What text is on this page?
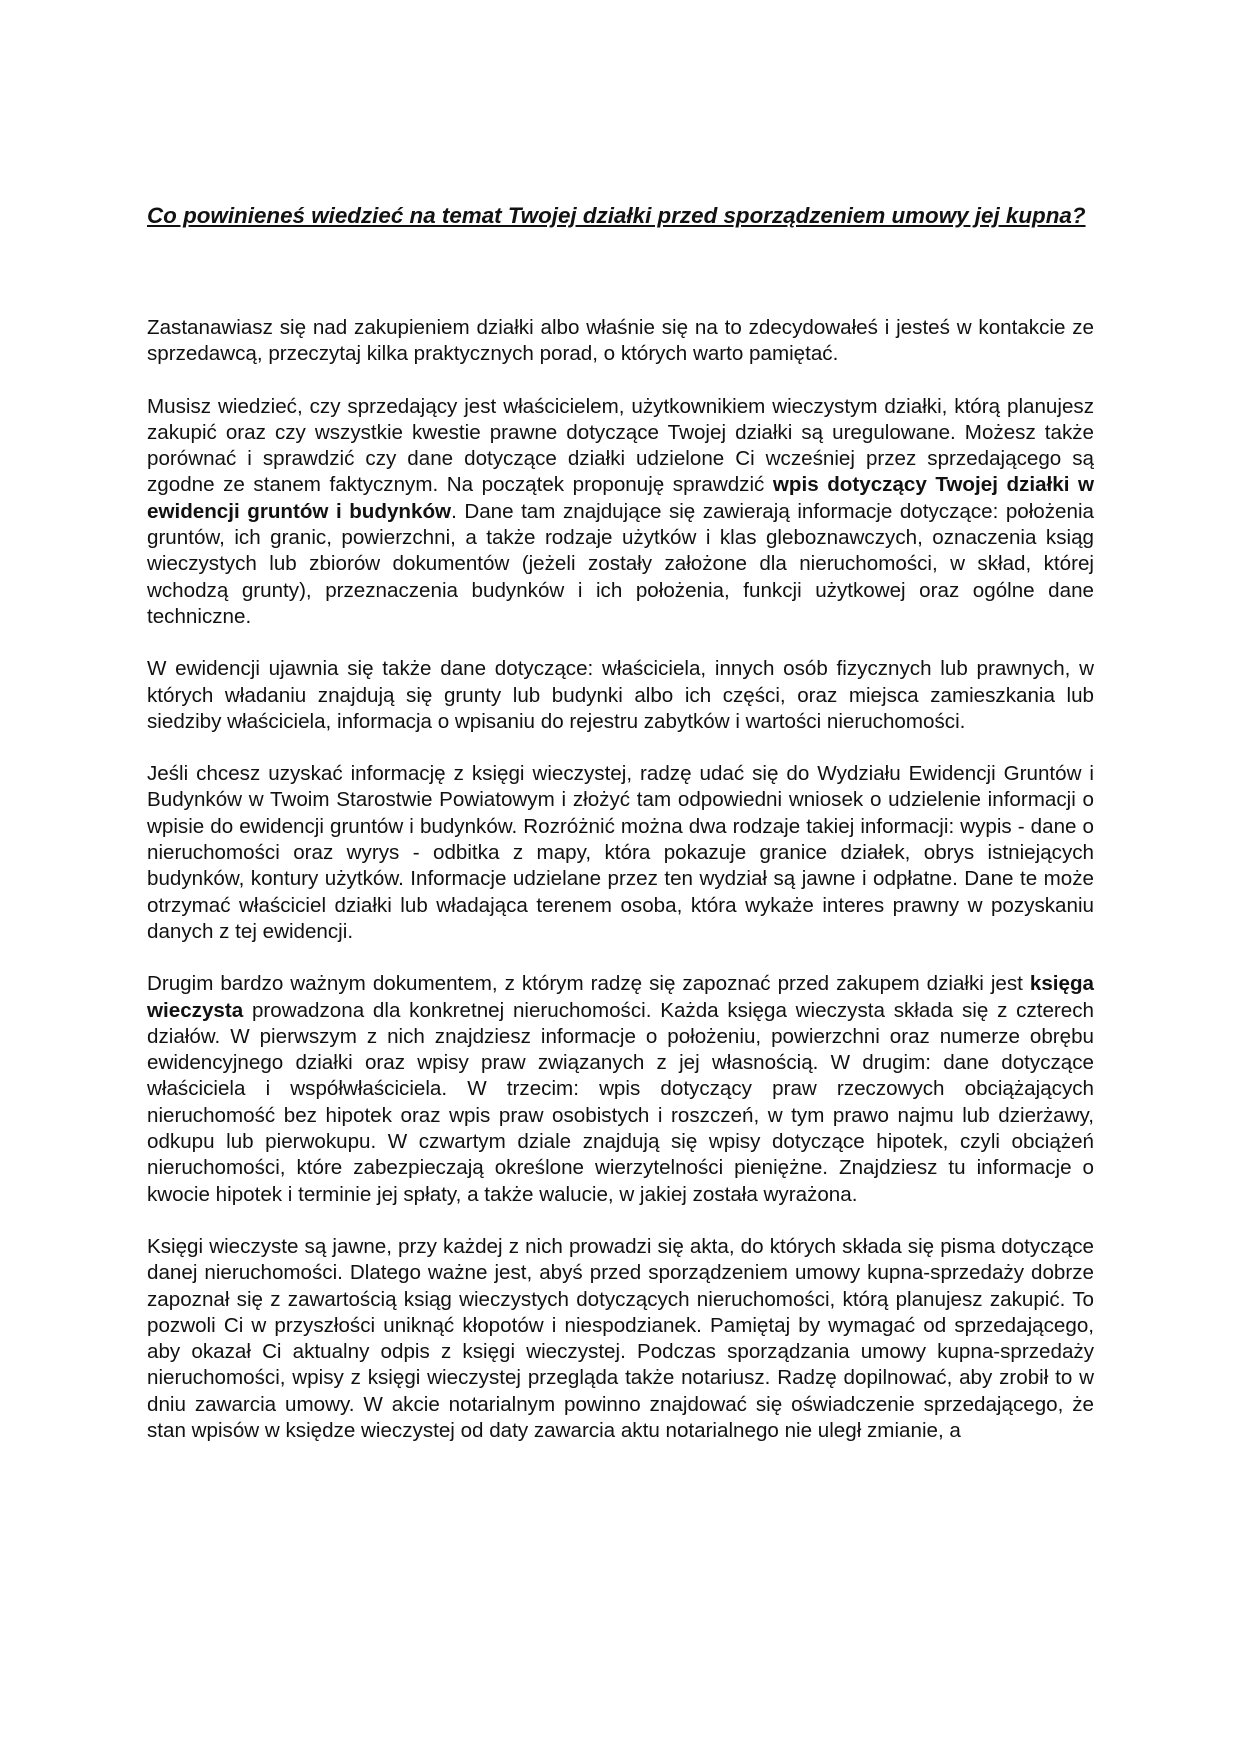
Co powinieneś wiedzieć na temat Twojej działki przed sporządzeniem umowy jej kupna?

Zastanawiasz się nad zakupieniem działki albo właśnie się na to zdecydowałeś i jesteś w kontakcie ze sprzedawcą, przeczytaj kilka praktycznych porad, o których warto pamiętać.

Musisz wiedzieć, czy sprzedający jest właścicielem, użytkownikiem wieczystym działki, którą planujesz zakupić oraz czy wszystkie kwestie prawne dotyczące Twojej działki są uregulowane. Możesz także porównać i sprawdzić czy dane dotyczące działki udzielone Ci wcześniej przez sprzedającego są zgodne ze stanem faktycznym. Na początek proponuję sprawdzić wpis dotyczący Twojej działki w ewidencji gruntów i budynków. Dane tam znajdujące się zawierają informacje dotyczące: położenia gruntów, ich granic, powierzchni, a także rodzaje użytków i klas gleboznawczych, oznaczenia ksiąg wieczystych lub zbiorów dokumentów (jeżeli zostały założone dla nieruchomości, w skład, której wchodzą grunty), przeznaczenia budynków i ich położenia, funkcji użytkowej oraz ogólne dane techniczne.

W ewidencji ujawnia się także dane dotyczące: właściciela, innych osób fizycznych lub prawnych, w których władaniu znajdują się grunty lub budynki albo ich części, oraz miejsca zamieszkania lub siedziby właściciela, informacja o wpisaniu do rejestru zabytków i wartości nieruchomości.

Jeśli chcesz uzyskać informację z księgi wieczystej, radzę udać się do Wydziału Ewidencji Gruntów i Budynków w Twoim Starostwie Powiatowym i złożyć tam odpowiedni wniosek o udzielenie informacji o wpisie do ewidencji gruntów i budynków. Rozróżnić można dwa rodzaje takiej informacji: wypis - dane o nieruchomości oraz wyrys - odbitka z mapy, która pokazuje granice działek, obrys istniejących budynków, kontury użytków. Informacje udzielane przez ten wydział są jawne i odpłatne. Dane te może otrzymać właściciel działki lub władająca terenem osoba, która wykaże interes prawny w pozyskaniu danych z tej ewidencji.

Drugim bardzo ważnym dokumentem, z którym radzę się zapoznać przed zakupem działki jest księga wieczysta prowadzona dla konkretnej nieruchomości. Każda księga wieczysta składa się z czterech działów. W pierwszym z nich znajdziesz informacje o położeniu, powierzchni oraz numerze obrębu ewidencyjnego działki oraz wpisy praw związanych z jej własnością. W drugim: dane dotyczące właściciela i współwłaściciela. W trzecim: wpis dotyczący praw rzeczowych obciążających nieruchomość bez hipotek oraz wpis praw osobistych i roszczeń, w tym prawo najmu lub dzierżawy, odkupu lub pierwokupu. W czwartym dziale znajdują się wpisy dotyczące hipotek, czyli obciążeń nieruchomości, które zabezpieczają określone wierzytelności pieniężne. Znajdziesz tu informacje o kwocie hipotek i terminie jej spłaty, a także walucie, w jakiej została wyrażona.

Księgi wieczyste są jawne, przy każdej z nich prowadzi się akta, do których składa się pisma dotyczące danej nieruchomości. Dlatego ważne jest, abyś przed sporządzeniem umowy kupna-sprzedaży dobrze zapoznał się z zawartością ksiąg wieczystych dotyczących nieruchomości, którą planujesz zakupić. To pozwoli Ci w przyszłości uniknąć kłopotów i niespodzianek. Pamiętaj by wymagać od sprzedającego, aby okazał Ci aktualny odpis z księgi wieczystej. Podczas sporządzania umowy kupna-sprzedaży nieruchomości, wpisy z księgi wieczystej przegląda także notariusz. Radzę dopilnować, aby zrobił to w dniu zawarcia umowy. W akcie notarialnym powinno znajdować się oświadczenie sprzedającego, że stan wpisów w księdze wieczystej od daty zawarcia aktu notarialnego nie uległ zmianie, a
